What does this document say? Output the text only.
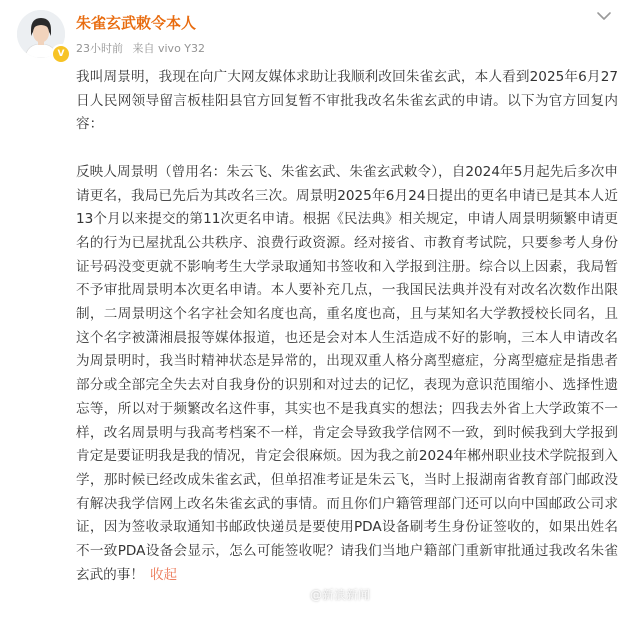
V
朱雀玄武敕令本人
23小时前 来自 vivo Y32

我叫周景明，我现在向广大网友媒体求助让我顺利改回朱雀玄武，本人看到2025年6月27日人民网领导留言板桂阳县官方回复暂不审批我改名朱雀玄武的申请。以下为官方回复内容：

反映人周景明（曾用名：朱云飞、朱雀玄武、朱雀玄武敕令），自2024年5月起先后多次申请更名，我局已先后为其改名三次。周景明2025年6月24日提出的更名申请已是其本人近13个月以来提交的第11次更名申请。根据《民法典》相关规定，申请人周景明频繁申请更名的行为已屋扰乱公共秩序、浪费行政资源。经对接省、市教育考试院，只要参考人身份证号码没变更就不影响考生大学录取通知书签收和入学报到注册。综合以上因素，我局暂不予审批周景明本次更名申请。本人要补充几点，一我国民法典并没有对改名次数作出限制，二周景明这个名字社会知名度也高，重名度也高，且与某知名大学教授校长同名，且这个名字被潇湘晨报等媒体报道，也还是会对本人生活造成不好的影响，三本人申请改名为周景明时，我当时精神状态是异常的，出现双重人格分离型癔症，分离型癔症是指患者部分或全部完全失去对自我身份的识别和对过去的记忆，表现为意识范围缩小、选择性遗忘等，所以对于频繁改名这件事，其实也不是我真实的想法；四我去外省上大学政策不一样，改名周景明与我高考档案不一样，肯定会导致我学信网不一致，到时候我到大学报到肯定是要证明我是我的情况，肯定会很麻烦。因为我之前2024年郴州职业技术学院报到入学，那时候已经改成朱雀玄武，但单招准考证是朱云飞，当时上报湖南省教育部门邮政没有解决我学信网上改名朱雀玄武的事情。而且你们户籍管理部门还可以向中国邮政公司求证，因为签收录取通知书邮政快递员是要使用PDA设备刷考生身份证签收的，如果出姓名不一致PDA设备会显示，怎么可能签收呢？请我们当地户籍部门重新审批通过我改名朱雀玄武的事！ 收起

@新浪新闻
